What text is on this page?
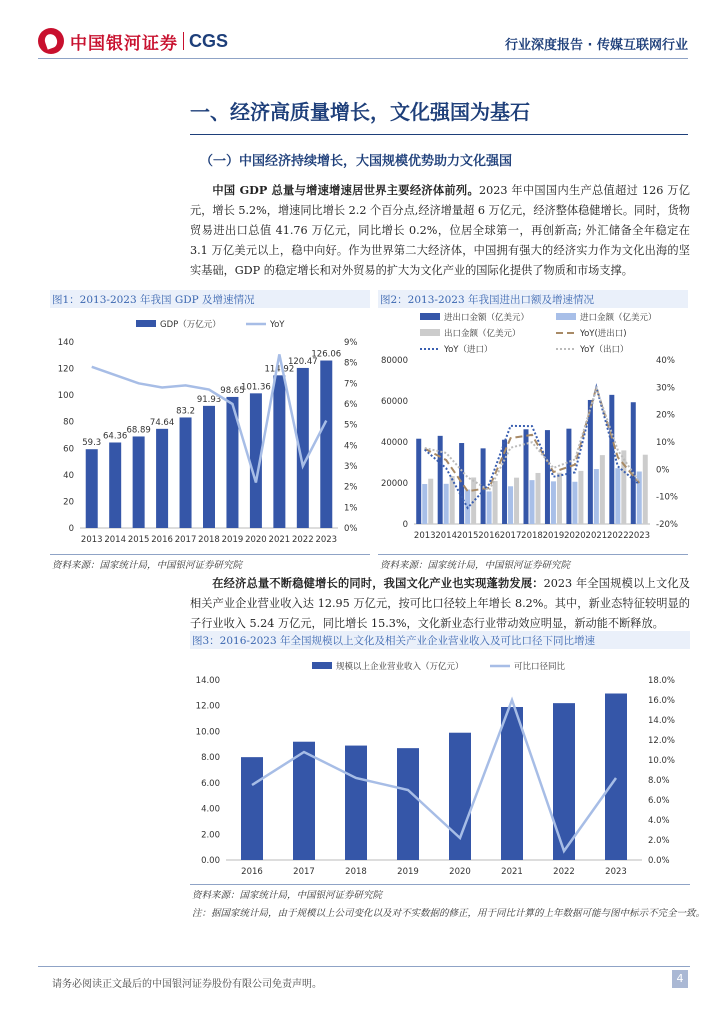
中国银河证券 CGS	行业深度报告 · 传媒互联网行业
一、经济高质量增长，文化强国为基石
（一）中国经济持续增长，大国规模优势助力文化强国

中国 GDP 总量与增速增速居世界主要经济体前列。2023 年中国国内生产总值超过 126 万亿元，增长 5.2%，增速同比增长 2.2 个百分点,经济增量超 6 万亿元，经济整体稳健增长。同时，货物贸易进出口总值 41.76 万亿元，同比增长 0.2%，位居全球第一，再创新高; 外汇储备全年稳定在 3.1 万亿美元以上，稳中向好。作为世界第二大经济体，中国拥有强大的经济实力作为文化出海的坚实基础，GDP 的稳定增长和对外贸易的扩大为文化产业的国际化提供了物质和市场支撑。

图1：2013-2023 年我国 GDP 及增速情况
0
20
40
60
80
100
120
140
0%
1%
2%
3%
4%
5%
6%
7%
8%
9%
2013 2014 2015 2016 2017 2018 2019 2020 2021 2022 2023
59.3
64.36
68.89
74.64
83.2
91.93
98.65
101.36
114.92
120.47
126.06
GDP（万亿元）	YoY
资料来源：国家统计局，中国银河证券研究院
图2：2013-2023 年我国进出口额及增速情况
0
20000
40000
60000
80000
-20%
-10%
0%
10%
20%
30%
40%
2013 2014 2015 2016 2017 2018 2019 2020 2021 2022 2023
进出口金额（亿美元）	进口金额（亿美元）
出口金额（亿美元）	YoY(进出口)
YoY（进口）	YoY（出口）
资料来源：国家统计局，中国银河证券研究院

在经济总量不断稳健增长的同时，我国文化产业也实现蓬勃发展：2023 年全国规模以上文化及相关产业企业营业收入达 12.95 万亿元，按可比口径较上年增长 8.2%。其中，新业态特征较明显的子行业收入 5.24 万亿元，同比增长 15.3%，文化新业态行业带动效应明显，新动能不断释放。

图3：2016-2023 年全国规模以上文化及相关产业企业营业收入及可比口径下同比增速
0.00
2.00
4.00
6.00
8.00
10.00
12.00
14.00
0.0%
2.0%
4.0%
6.0%
8.0%
10.0%
12.0%
14.0%
16.0%
18.0%
2016	2017	2018	2019	2020	2021	2022	2023
规模以上企业营业收入（万亿元）	可比口径同比
资料来源：国家统计局，中国银河证券研究院
注：据国家统计局，由于规模以上公司变化以及对不实数据的修正，用于同比计算的上年数据可能与图中标示不完全一致。
请务必阅读正文最后的中国银河证券股份有限公司免责声明。	4
